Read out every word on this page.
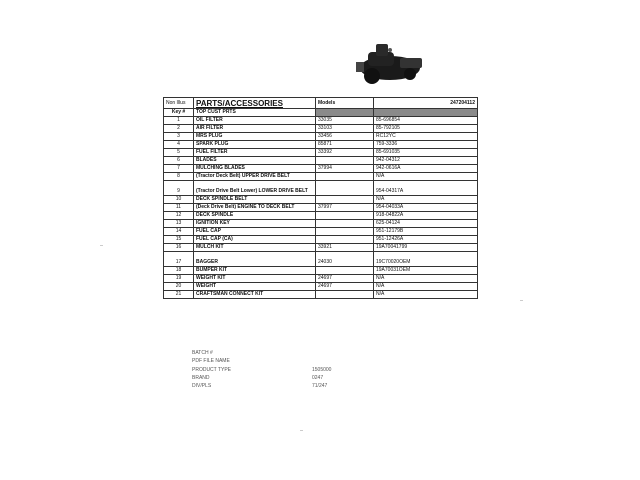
Non Illus	PARTS/ACCESSORIES	Models	247204112
Key #	TOP CUST PRTS		
1	OIL FILTER	33035	85-696854
2	AIR FILTER	33103	85-792105
3	MRS PLUG	33456	RC12YC
4	SPARK PLUG	85871	759-3336
5	FUEL FILTER	33392	85-691035
6	BLADES		942-04312
7	MULCHING BLADES	37994	942-0616A
8	(Tractor Deck Belt) UPPER DRIVE BELT		N/A
9	(Tractor Drive Belt Lower) LOWER DRIVE BELT		954-04317A
10	DECK SPINDLE BELT		N/A
11	(Deck Drive Belt) ENGINE TO DECK BELT	37997	954-04033A
12	DECK SPINDLE		918-04822A
13	IGNITION KEY		625-04124
14	FUEL CAP		951-12179B
15	FUEL CAP (CA)		951-12426A
16	MULCH KIT	33921	19A70041799
17	BAGGER	24030	19C70020OEM
18	BUMPER KIT		19A70031OEM
19	WEIGHT KIT	24697	N/A
20	WEIGHT	24697	N/A
21	CRAFTSMAN CONNECT KIT		N/A
BATCH #
PDF FILE NAME
PRODUCT TYPE	1505000
BRAND	0247
DIV/PLS	71/247
